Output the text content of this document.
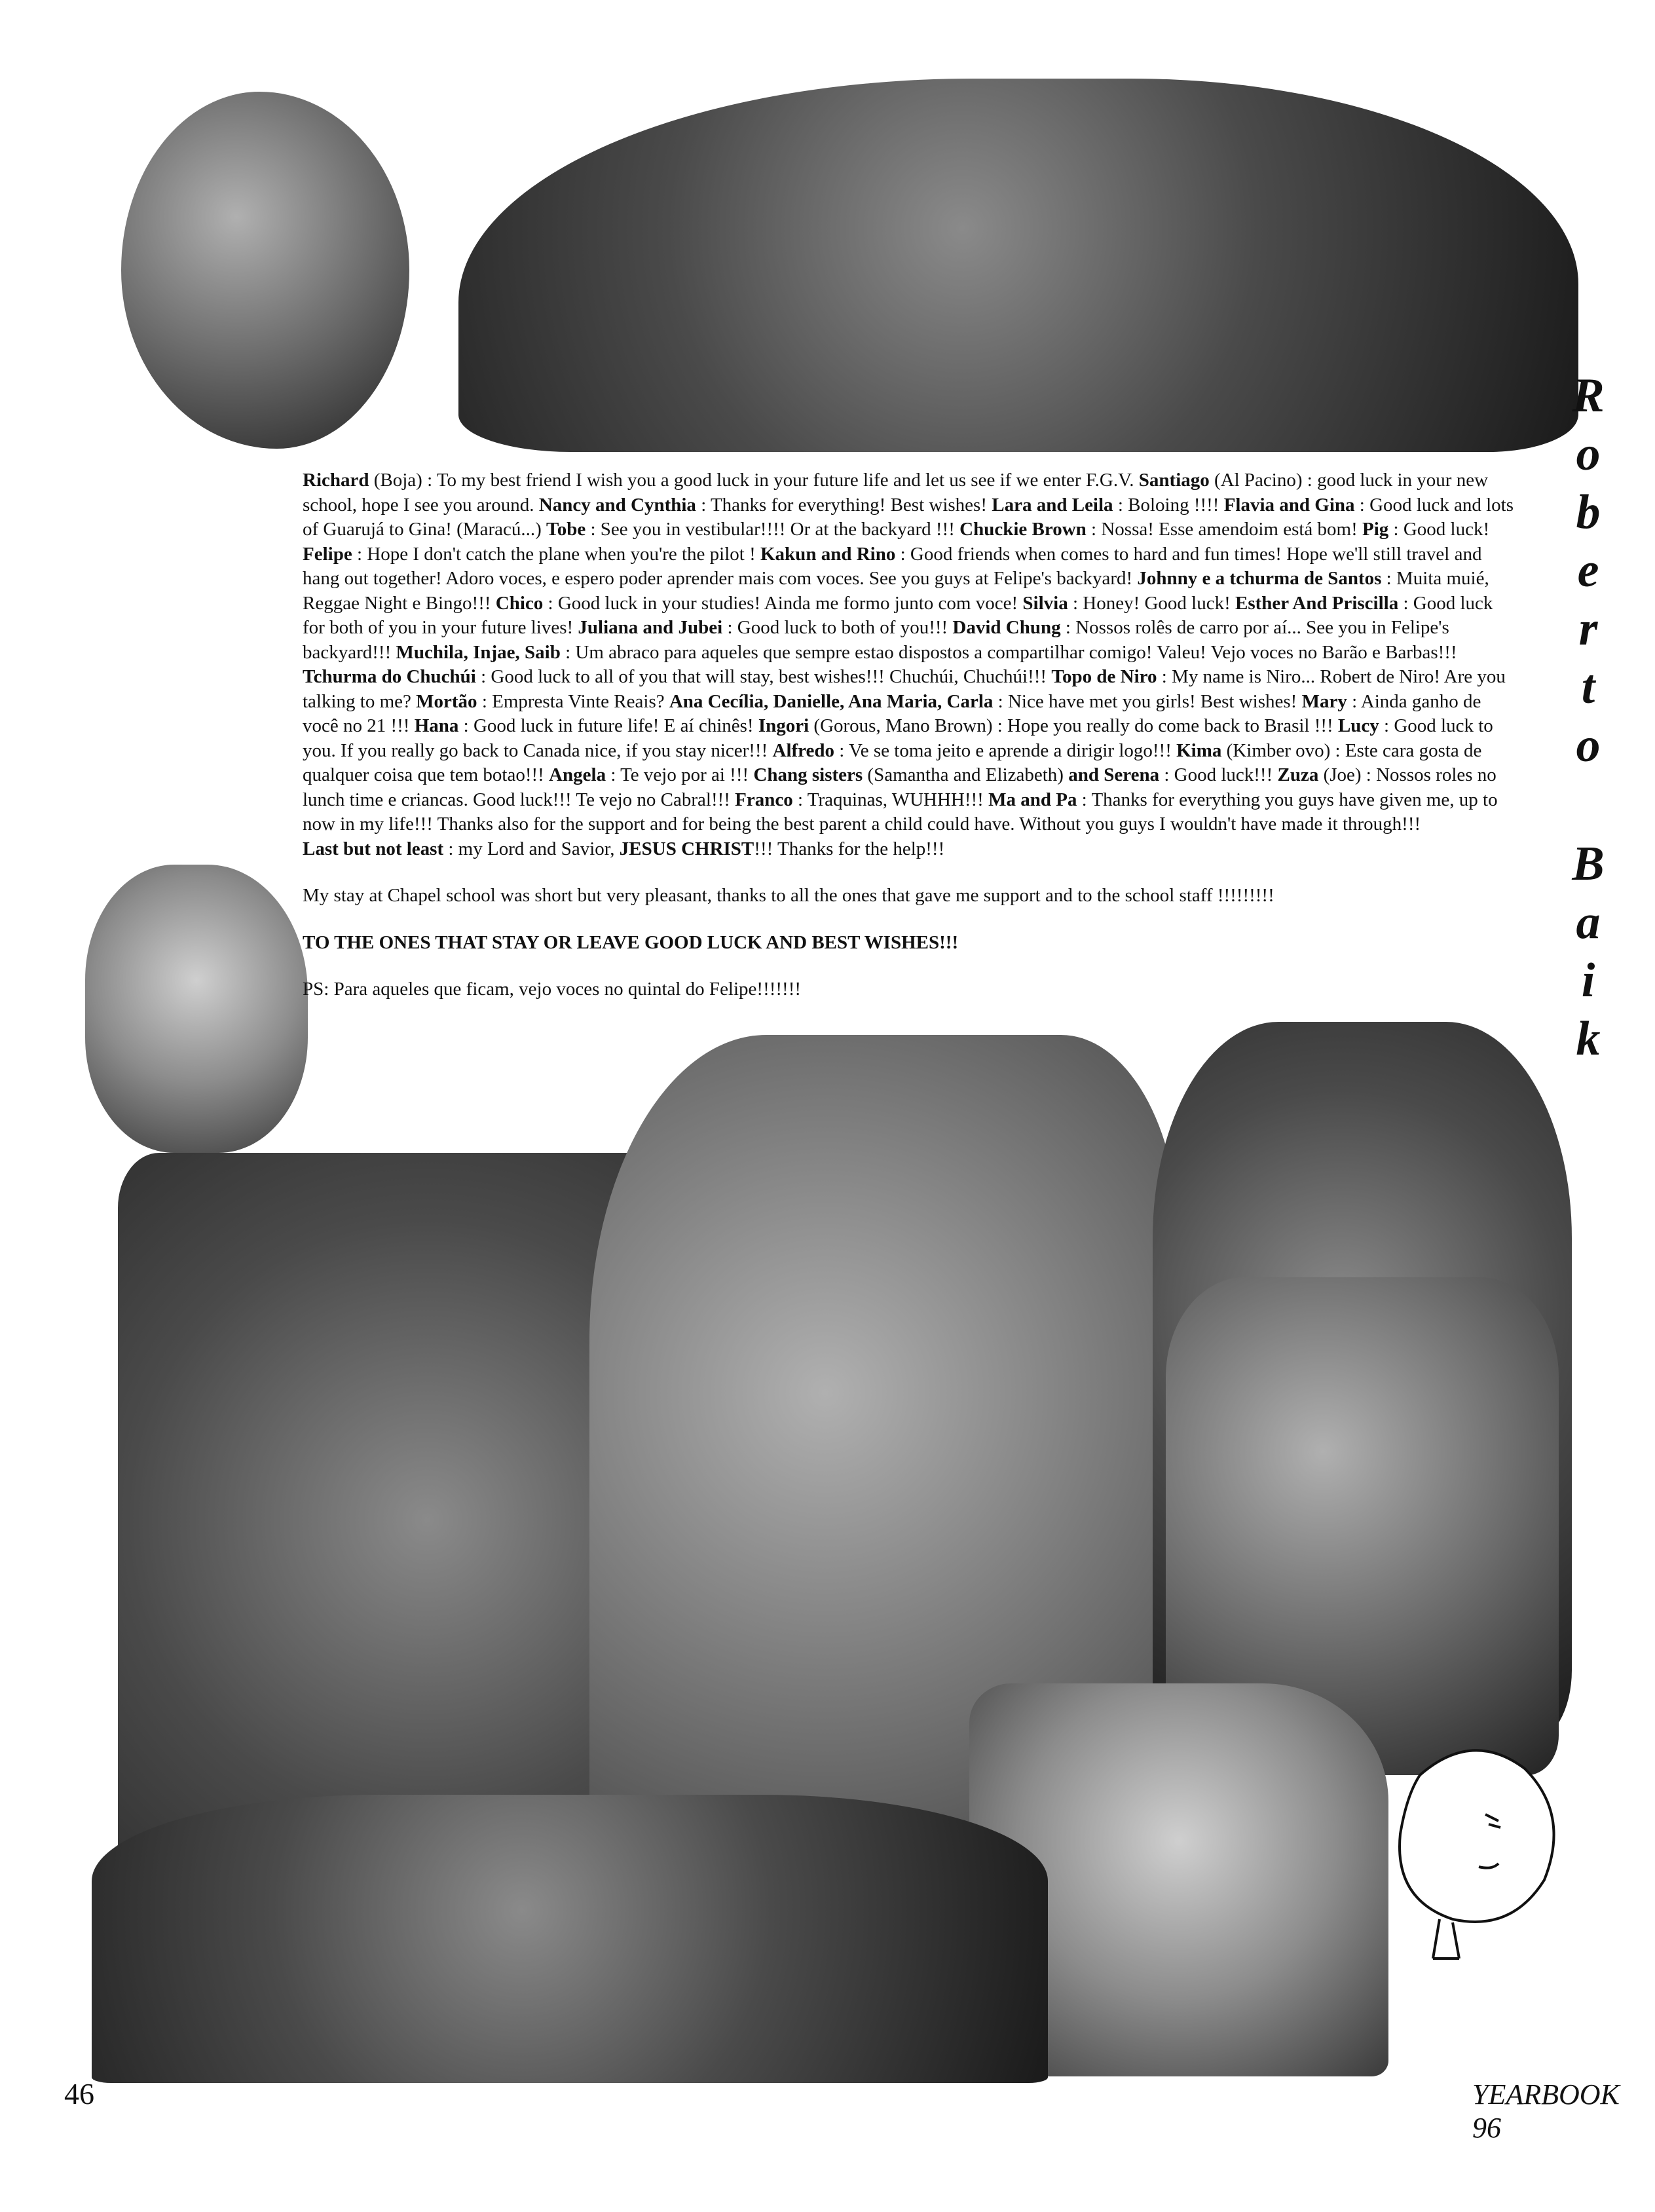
Richard (Boja) : To my best friend I wish you a good luck in your future life and let us see if we enter F.G.V. Santiago (Al Pacino) : good luck in your new school, hope I see you around. Nancy and Cynthia : Thanks for everything! Best wishes! Lara and Leila : Boloing !!!! Flavia and Gina : Good luck and lots of Guarujá to Gina! (Maracú...) Tobe : See you in vestibular!!!! Or at the backyard !!! Chuckie Brown : Nossa! Esse amendoim está bom! Pig : Good luck! Felipe : Hope I don't catch the plane when you're the pilot ! Kakun and Rino : Good friends when comes to hard and fun times! Hope we'll still travel and hang out together! Adoro voces, e espero poder aprender mais com voces. See you guys at Felipe's backyard! Johnny e a tchurma de Santos : Muita muié, Reggae Night e Bingo!!! Chico : Good luck in your studies! Ainda me formo junto com voce! Silvia : Honey! Good luck! Esther And Priscilla : Good luck for both of you in your future lives! Juliana and Jubei : Good luck to both of you!!! David Chung : Nossos rolês de carro por aí... See you in Felipe's backyard!!! Muchila, Injae, Saib : Um abraco para aqueles que sempre estao dispostos a compartilhar comigo! Valeu! Vejo voces no Barão e Barbas!!! Tchurma do Chuchúi : Good luck to all of you that will stay, best wishes!!! Chuchúi, Chuchúi!!! Topo de Niro : My name is Niro... Robert de Niro! Are you talking to me? Mortão : Empresta Vinte Reais? Ana Cecília, Danielle, Ana Maria, Carla : Nice have met you girls! Best wishes! Mary : Ainda ganho de você no 21 !!! Hana : Good luck in future life! E aí chinês! Ingori (Gorous, Mano Brown) : Hope you really do come back to Brasil !!! Lucy : Good luck to you. If you really go back to Canada nice, if you stay nicer!!! Alfredo : Ve se toma jeito e aprende a dirigir logo!!! Kima (Kimber ovo) : Este cara gosta de qualquer coisa que tem botao!!! Angela : Te vejo por ai !!! Chang sisters (Samantha and Elizabeth) and Serena : Good luck!!! Zuza (Joe) : Nossos roles no lunch time e criancas. Good luck!!! Te vejo no Cabral!!! Franco : Traquinas, WUHHH!!! Ma and Pa : Thanks for everything you guys have given me, up to now in my life!!! Thanks also for the support and for being the best parent a child could have. Without you guys I wouldn't have made it through!!!

Last but not least : my Lord and Savior, JESUS CHRIST!!! Thanks for the help!!!

My stay at Chapel school was short but very pleasant, thanks to all the ones that gave me support and to the school staff !!!!!!!!!

TO THE ONES THAT STAY OR LEAVE GOOD LUCK AND BEST WISHES!!!

PS: Para aqueles que ficam, vejo voces no quintal do Felipe!!!!!!!

R
o
b
e
r
t
o
B
a
i
k
46	YEARBOOK 96
